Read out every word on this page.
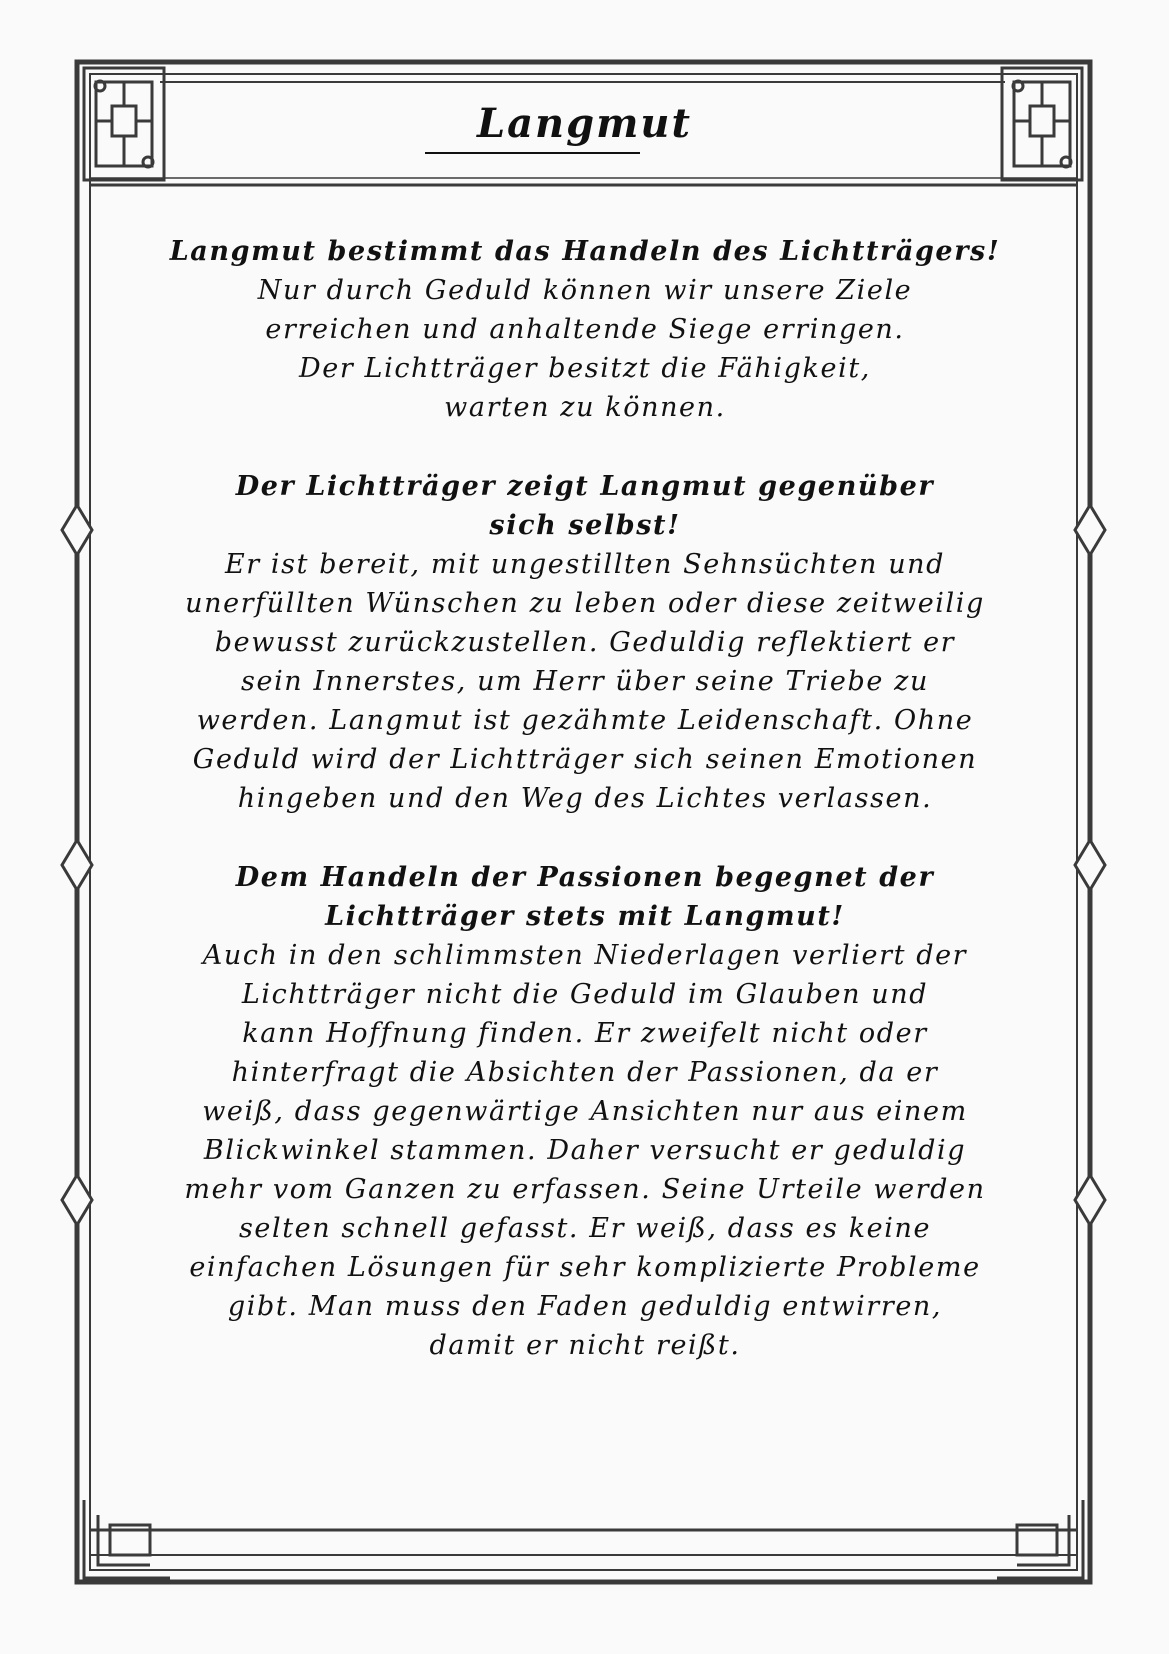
Langmut
Langmut bestimmt das Handeln des Lichtträgers!

Nur durch Geduld können wir unsere Ziele
erreichen und anhaltende Siege erringen.
Der Lichtträger besitzt die Fähigkeit,
warten zu können.

Der Lichtträger zeigt Langmut gegenüber
sich selbst!

Er ist bereit, mit ungestillten Sehnsüchten und
unerfüllten Wünschen zu leben oder diese zeitweilig
bewusst zurückzustellen. Geduldig reflektiert er
sein Innerstes, um Herr über seine Triebe zu
werden. Langmut ist gezähmte Leidenschaft. Ohne
Geduld wird der Lichtträger sich seinen Emotionen
hingeben und den Weg des Lichtes verlassen.

Dem Handeln der Passionen begegnet der
Lichtträger stets mit Langmut!

Auch in den schlimmsten Niederlagen verliert der
Lichtträger nicht die Geduld im Glauben und
kann Hoffnung finden. Er zweifelt nicht oder
hinterfragt die Absichten der Passionen, da er
weiß, dass gegenwärtige Ansichten nur aus einem
Blickwinkel stammen. Daher versucht er geduldig
mehr vom Ganzen zu erfassen. Seine Urteile werden
selten schnell gefasst. Er weiß, dass es keine
einfachen Lösungen für sehr komplizierte Probleme
gibt. Man muss den Faden geduldig entwirren,
damit er nicht reißt.
